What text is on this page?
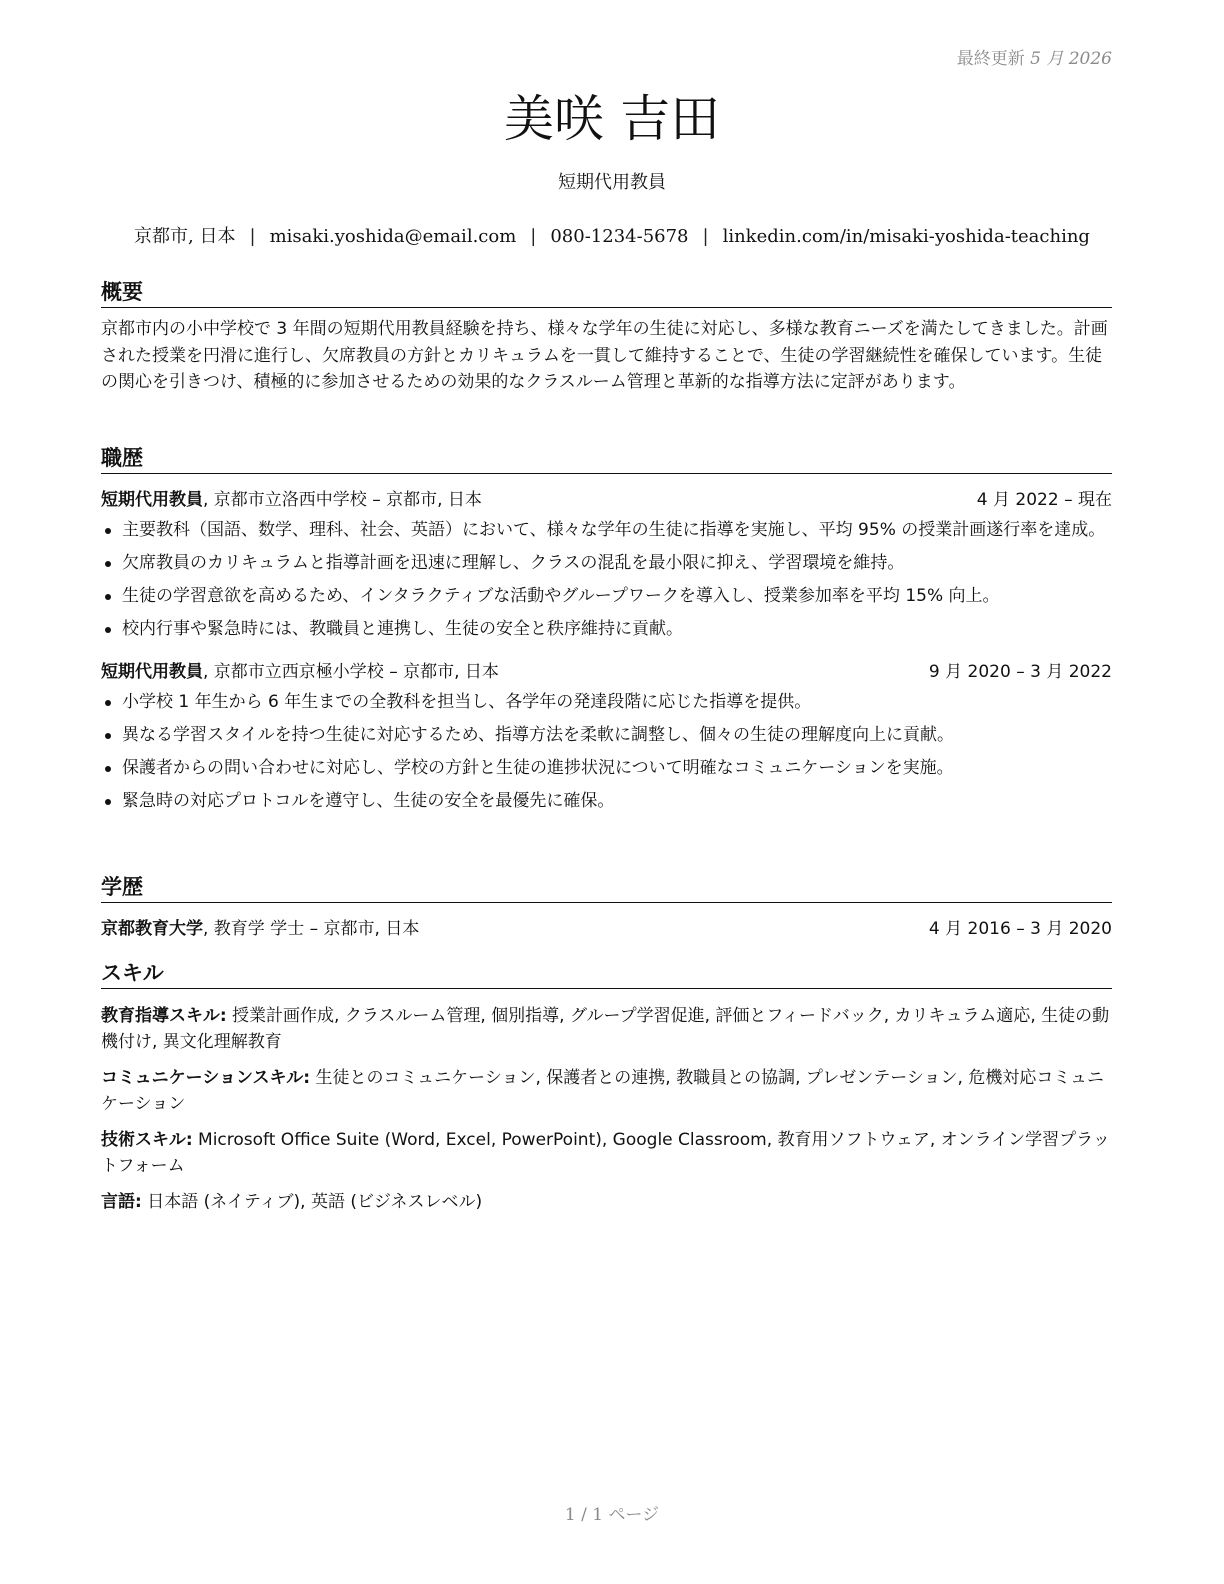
最終更新 5 月 2026
美咲 吉田
短期代用教員
京都市, 日本 | misaki.yoshida@email.com | 080-1234-5678 | linkedin.com/in/misaki-yoshida-teaching
概要

京都市内の小中学校で 3 年間の短期代用教員経験を持ち、様々な学年の生徒に対応し、多様な教育ニーズを満たしてきました。計画された授業を円滑に進行し、欠席教員の方針とカリキュラムを一貫して維持することで、生徒の学習継続性を確保しています。生徒の関心を引きつけ、積極的に参加させるための効果的なクラスルーム管理と革新的な指導方法に定評があります。

職歴
短期代用教員, 京都市立洛西中学校 – 京都市, 日本	4 月 2022 – 現在
主要教科（国語、数学、理科、社会、英語）において、様々な学年の生徒に指導を実施し、平均 95% の授業計画遂行率を達成。
欠席教員のカリキュラムと指導計画を迅速に理解し、クラスの混乱を最小限に抑え、学習環境を維持。
生徒の学習意欲を高めるため、インタラクティブな活動やグループワークを導入し、授業参加率を平均 15% 向上。
校内行事や緊急時には、教職員と連携し、生徒の安全と秩序維持に貢献。
短期代用教員, 京都市立西京極小学校 – 京都市, 日本	9 月 2020 – 3 月 2022
小学校 1 年生から 6 年生までの全教科を担当し、各学年の発達段階に応じた指導を提供。
異なる学習スタイルを持つ生徒に対応するため、指導方法を柔軟に調整し、個々の生徒の理解度向上に貢献。
保護者からの問い合わせに対応し、学校の方針と生徒の進捗状況について明確なコミュニケーションを実施。
緊急時の対応プロトコルを遵守し、生徒の安全を最優先に確保。
学歴
京都教育大学, 教育学 学士 – 京都市, 日本	4 月 2016 – 3 月 2020
スキル

教育指導スキル: 授業計画作成, クラスルーム管理, 個別指導, グループ学習促進, 評価とフィードバック, カリキュラム適応, 生徒の動機付け, 異文化理解教育

コミュニケーションスキル: 生徒とのコミュニケーション, 保護者との連携, 教職員との協調, プレゼンテーション, 危機対応コミュニケーション

技術スキル: Microsoft Office Suite (Word, Excel, PowerPoint), Google Classroom, 教育用ソフトウェア, オンライン学習プラットフォーム

言語: 日本語 (ネイティブ), 英語 (ビジネスレベル)

1 / 1 ページ
